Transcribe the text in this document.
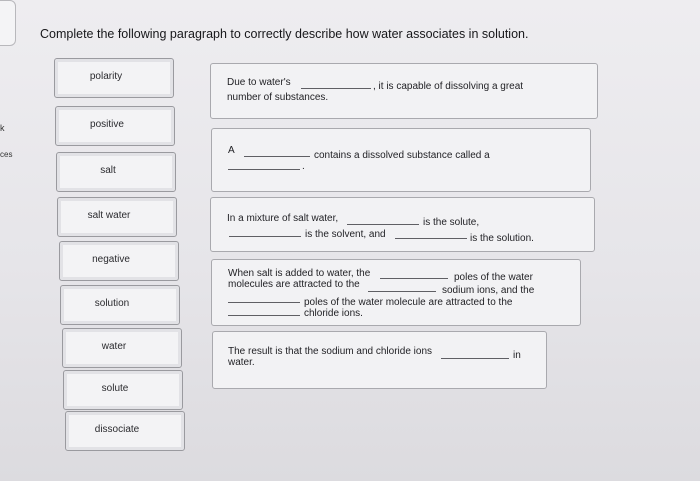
k
ces
Complete the following paragraph to correctly describe how water associates in solution.
polarity
positive
salt
salt water
negative
solution
water
solute
dissociate
Due to water's	, it is capable of dissolving a great
number of substances.
A	contains a dissolved substance called a
.
In a mixture of salt water,	is the solute,
is the solvent, and	is the solution.
When salt is added to water, the	poles of the water
molecules are attracted to the
sodium ions, and the
poles of the water molecule are attracted to the
chloride ions.
The result is that the sodium and chloride ions	in
water.
